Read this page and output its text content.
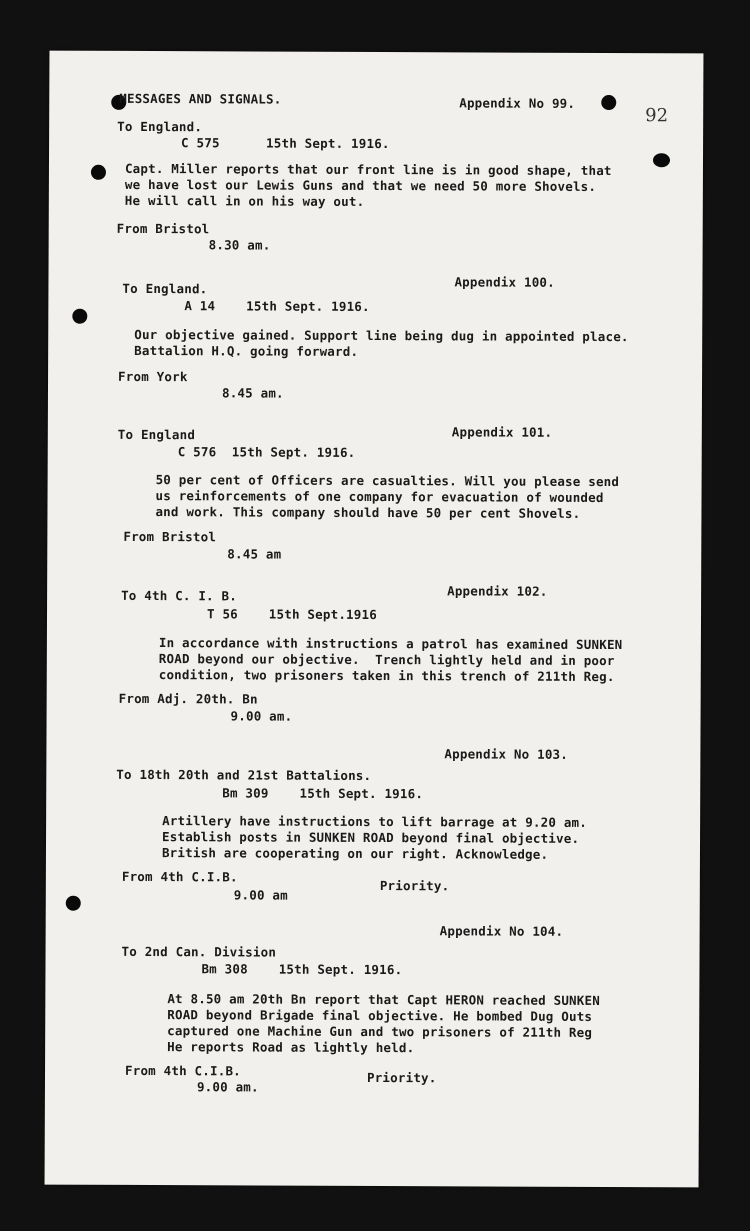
MESSAGES AND SIGNALS.
92
Appendix No 99.
To England.
C 575      15th Sept. 1916.
Capt. Miller reports that our front line is in good shape, that
we have lost our Lewis Guns and that we need 50 more Shovels.
He will call in on his way out.
From Bristol
8.30 am.
Appendix 100.
To England.
A 14    15th Sept. 1916.
Our objective gained. Support line being dug in appointed place.
Battalion H.Q. going forward.
From York
8.45 am.
Appendix 101.
To England
C 576  15th Sept. 1916.
50 per cent of Officers are casualties. Will you please send
us reinforcements of one company for evacuation of wounded
and work. This company should have 50 per cent Shovels.
From Bristol
8.45 am
Appendix 102.
To 4th C. I. B.
T 56    15th Sept.1916
In accordance with instructions a patrol has examined SUNKEN
ROAD beyond our objective.  Trench lightly held and in poor
condition, two prisoners taken in this trench of 211th Reg.
From Adj. 20th. Bn
9.00 am.
Appendix No 103.
To 18th 20th and 21st Battalions.
Bm 309    15th Sept. 1916.
Artillery have instructions to lift barrage at 9.20 am.
Establish posts in SUNKEN ROAD beyond final objective.
British are cooperating on our right. Acknowledge.
From 4th C.I.B.
Priority.
9.00 am
Appendix No 104.
To 2nd Can. Division
Bm 308    15th Sept. 1916.
At 8.50 am 20th Bn report that Capt HERON reached SUNKEN
ROAD beyond Brigade final objective. He bombed Dug Outs
captured one Machine Gun and two prisoners of 211th Reg
He reports Road as lightly held.
From 4th C.I.B.	Priority.
9.00 am.
